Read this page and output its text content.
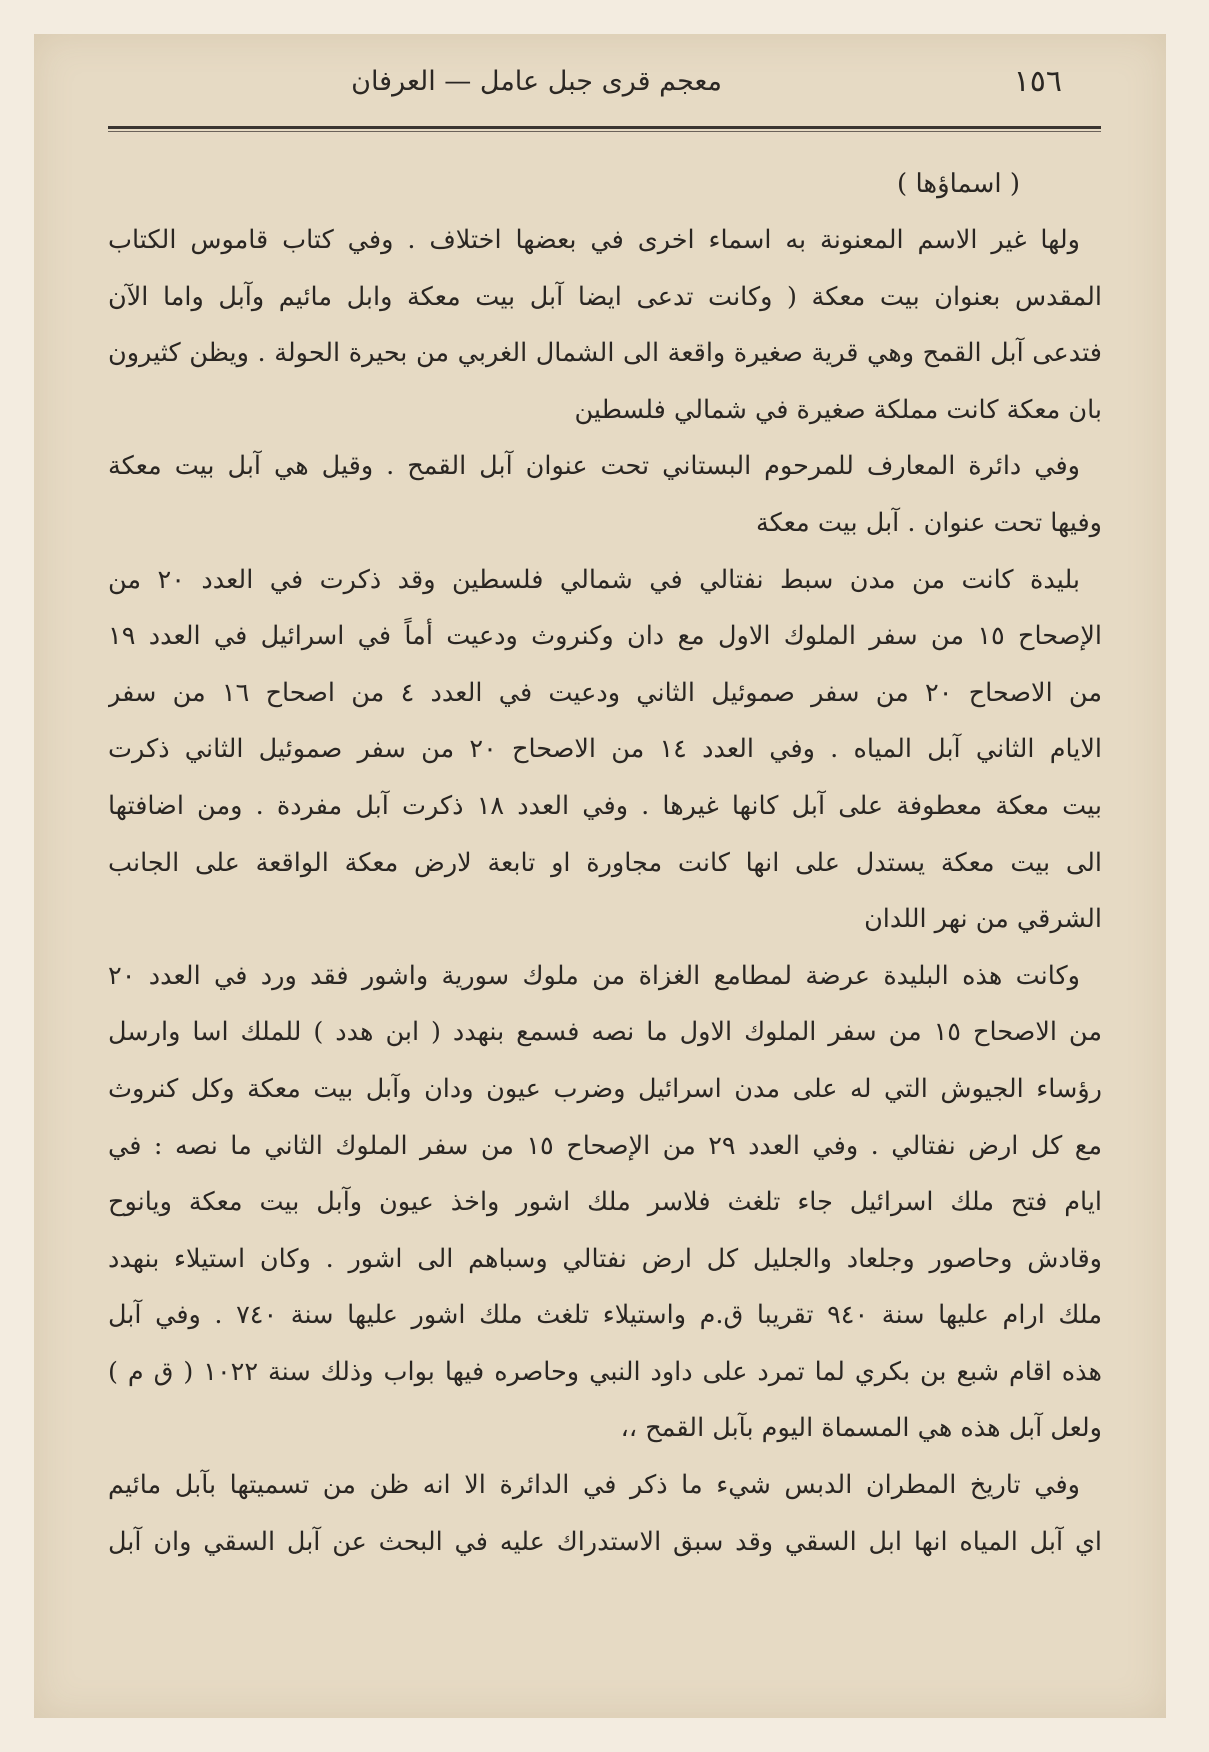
١٥٦
معجم قرى جبل عامل — العرفان
( اسماؤها )
ولها غير الاسم المعنونة به اسماء اخرى في بعضها اختلاف . وفي كتاب قاموس الكتاب
المقدس بعنوان بيت معكة ( وكانت تدعى ايضا آبل بيت معكة وابل مائيم وآبل واما الآن
فتدعى آبل القمح وهي قرية صغيرة واقعة الى الشمال الغربي من بحيرة الحولة . ويظن كثيرون
بان معكة كانت مملكة صغيرة في شمالي فلسطين
وفي دائرة المعارف للمرحوم البستاني تحت عنوان آبل القمح . وقيل هي آبل بيت معكة
وفيها تحت عنوان . آبل بيت معكة
بليدة كانت من مدن سبط نفتالي في شمالي فلسطين وقد ذكرت في العدد ٢٠ من
الإصحاح ١٥ من سفر الملوك الاول مع دان وكنروث ودعيت أماً في اسرائيل في العدد ١٩
من الاصحاح ٢٠ من سفر صموئيل الثاني ودعيت في العدد ٤ من اصحاح ١٦ من سفر
الايام الثاني آبل المياه . وفي العدد ١٤ من الاصحاح ٢٠ من سفر صموئيل الثاني ذكرت
بيت معكة معطوفة على آبل كانها غيرها . وفي العدد ١٨ ذكرت آبل مفردة . ومن اضافتها
الى بيت معكة يستدل على انها كانت مجاورة او تابعة لارض معكة الواقعة على الجانب
الشرقي من نهر اللدان
وكانت هذه البليدة عرضة لمطامع الغزاة من ملوك سورية واشور فقد ورد في العدد ٢٠
من الاصحاح ١٥ من سفر الملوك الاول ما نصه فسمع بنهدد ( ابن هدد ) للملك اسا وارسل
رؤساء الجيوش التي له على مدن اسرائيل وضرب عيون ودان وآبل بيت معكة وكل كنروث
مع كل ارض نفتالي . وفي العدد ٢٩ من الإصحاح ١٥ من سفر الملوك الثاني ما نصه : في
ايام فتح ملك اسرائيل جاء تلغث فلاسر ملك اشور واخذ عيون وآبل بيت معكة ويانوح
وقادش وحاصور وجلعاد والجليل كل ارض نفتالي وسباهم الى اشور . وكان استيلاء بنهدد
ملك ارام عليها سنة ٩٤٠ تقريبا ق.م واستيلاء تلغث ملك اشور عليها سنة ٧٤٠ . وفي آبل
هذه اقام شبع بن بكري لما تمرد على داود النبي وحاصره فيها بواب وذلك سنة ١٠٢٢ ( ق م )
ولعل آبل هذه هي المسماة اليوم بآبل القمح ،،
وفي تاريخ المطران الدبس شيء ما ذكر في الدائرة الا انه ظن من تسميتها بآبل مائيم
اي آبل المياه انها ابل السقي وقد سبق الاستدراك عليه في البحث عن آبل السقي وان آبل
